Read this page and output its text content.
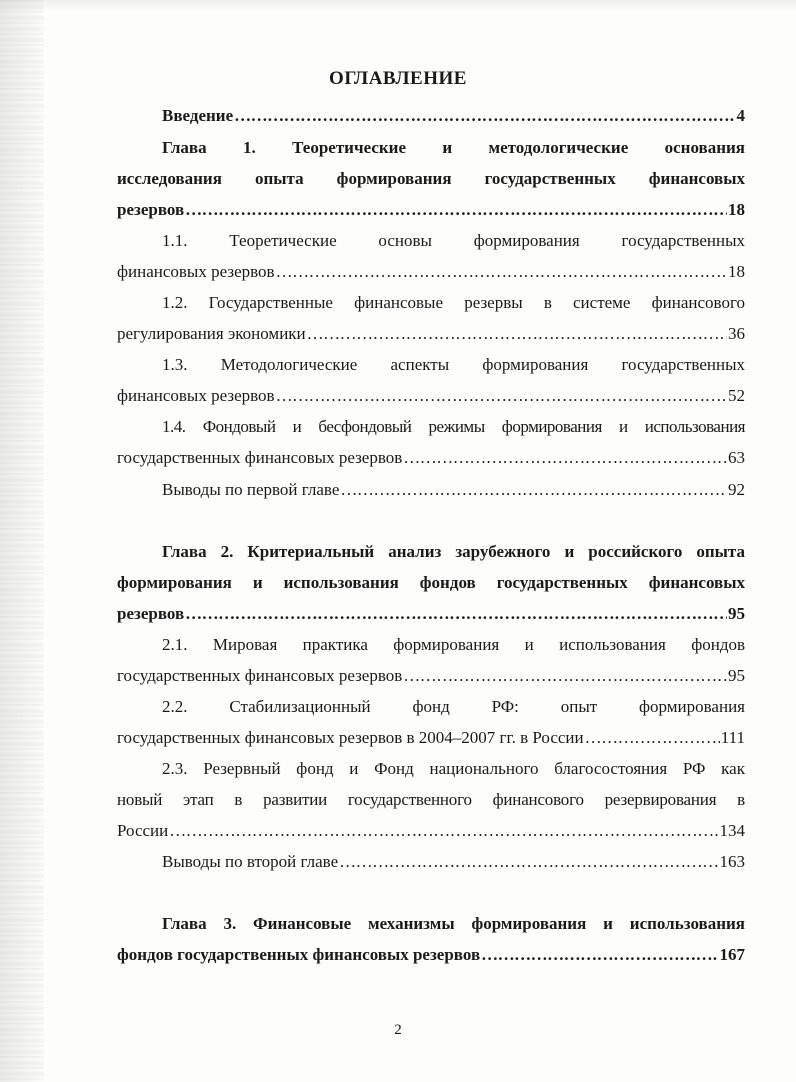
ОГЛАВЛЕНИЕ
Введение ……………………………………………………………………………………………………………………………………………………	4
Глава 1. Теоретические и методологические основания
исследования опыта формирования государственных финансовых
резервов ……………………………………………………………………………………………………………………………………………………	18
1.1. Теоретические основы формирования государственных
финансовых резервов ……………………………………………………………………………………………………………………………………………………	18
1.2. Государственные финансовые резервы в системе финансового
регулирования экономики ……………………………………………………………………………………………………………………………………………………	36
1.3. Методологические аспекты формирования государственных
финансовых резервов ……………………………………………………………………………………………………………………………………………………	52
1.4. Фондовый и бесфондовый режимы формирования и использования
государственных финансовых резервов ……………………………………………………………………………………………………………………………………………………	63
Выводы по первой главе ……………………………………………………………………………………………………………………………………………………	92
Глава 2. Критериальный анализ зарубежного и российского опыта
формирования и использования фондов государственных финансовых
резервов ……………………………………………………………………………………………………………………………………………………	95
2.1. Мировая практика формирования и использования фондов
государственных финансовых резервов ……………………………………………………………………………………………………………………………………………………	95
2.2. Стабилизационный фонд РФ: опыт формирования
государственных финансовых резервов в 2004–2007 гг. в России ……………………………………………………………………………………………………………………………………………………	111
2.3. Резервный фонд и Фонд национального благосостояния РФ как
новый этап в развитии государственного финансового резервирования в
России ……………………………………………………………………………………………………………………………………………………	134
Выводы по второй главе ……………………………………………………………………………………………………………………………………………………	163
Глава 3. Финансовые механизмы формирования и использования
фондов государственных финансовых резервов ……………………………………………………………………………………………………………………………………………………	167
2
